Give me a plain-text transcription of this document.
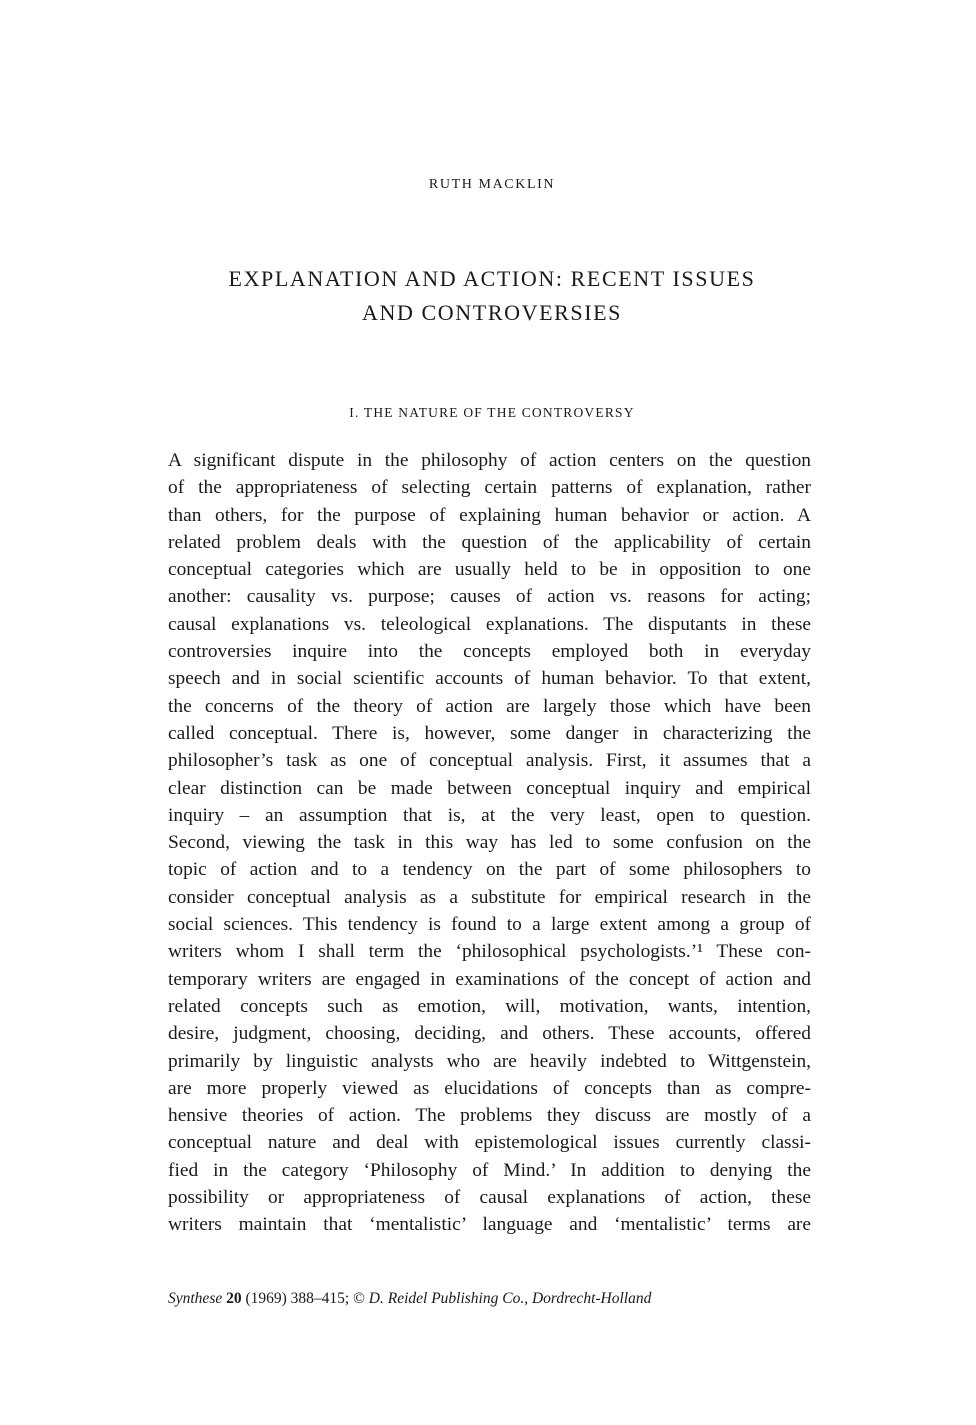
RUTH MACKLIN
EXPLANATION AND ACTION: RECENT ISSUES
AND CONTROVERSIES
I. THE NATURE OF THE CONTROVERSY
A significant dispute in the philosophy of action centers on the question
of the appropriateness of selecting certain patterns of explanation, rather
than others, for the purpose of explaining human behavior or action. A
related problem deals with the question of the applicability of certain
conceptual categories which are usually held to be in opposition to one
another: causality vs. purpose; causes of action vs. reasons for acting;
causal explanations vs. teleological explanations. The disputants in these
controversies inquire into the concepts employed both in everyday
speech and in social scientific accounts of human behavior. To that extent,
the concerns of the theory of action are largely those which have been
called conceptual. There is, however, some danger in characterizing the
philosopher’s task as one of conceptual analysis. First, it assumes that a
clear distinction can be made between conceptual inquiry and empirical
inquiry – an assumption that is, at the very least, open to question.
Second, viewing the task in this way has led to some confusion on the
topic of action and to a tendency on the part of some philosophers to
consider conceptual analysis as a substitute for empirical research in the
social sciences. This tendency is found to a large extent among a group of
writers whom I shall term the ‘philosophical psychologists.’¹ These con-
temporary writers are engaged in examinations of the concept of action and
related concepts such as emotion, will, motivation, wants, intention,
desire, judgment, choosing, deciding, and others. These accounts, offered
primarily by linguistic analysts who are heavily indebted to Wittgenstein,
are more properly viewed as elucidations of concepts than as compre-
hensive theories of action. The problems they discuss are mostly of a
conceptual nature and deal with epistemological issues currently classi-
fied in the category ‘Philosophy of Mind.’ In addition to denying the
possibility or appropriateness of causal explanations of action, these
writers maintain that ‘mentalistic’ language and ‘mentalistic’ terms are
Synthese 20 (1969) 388–415; © D. Reidel Publishing Co., Dordrecht-Holland
